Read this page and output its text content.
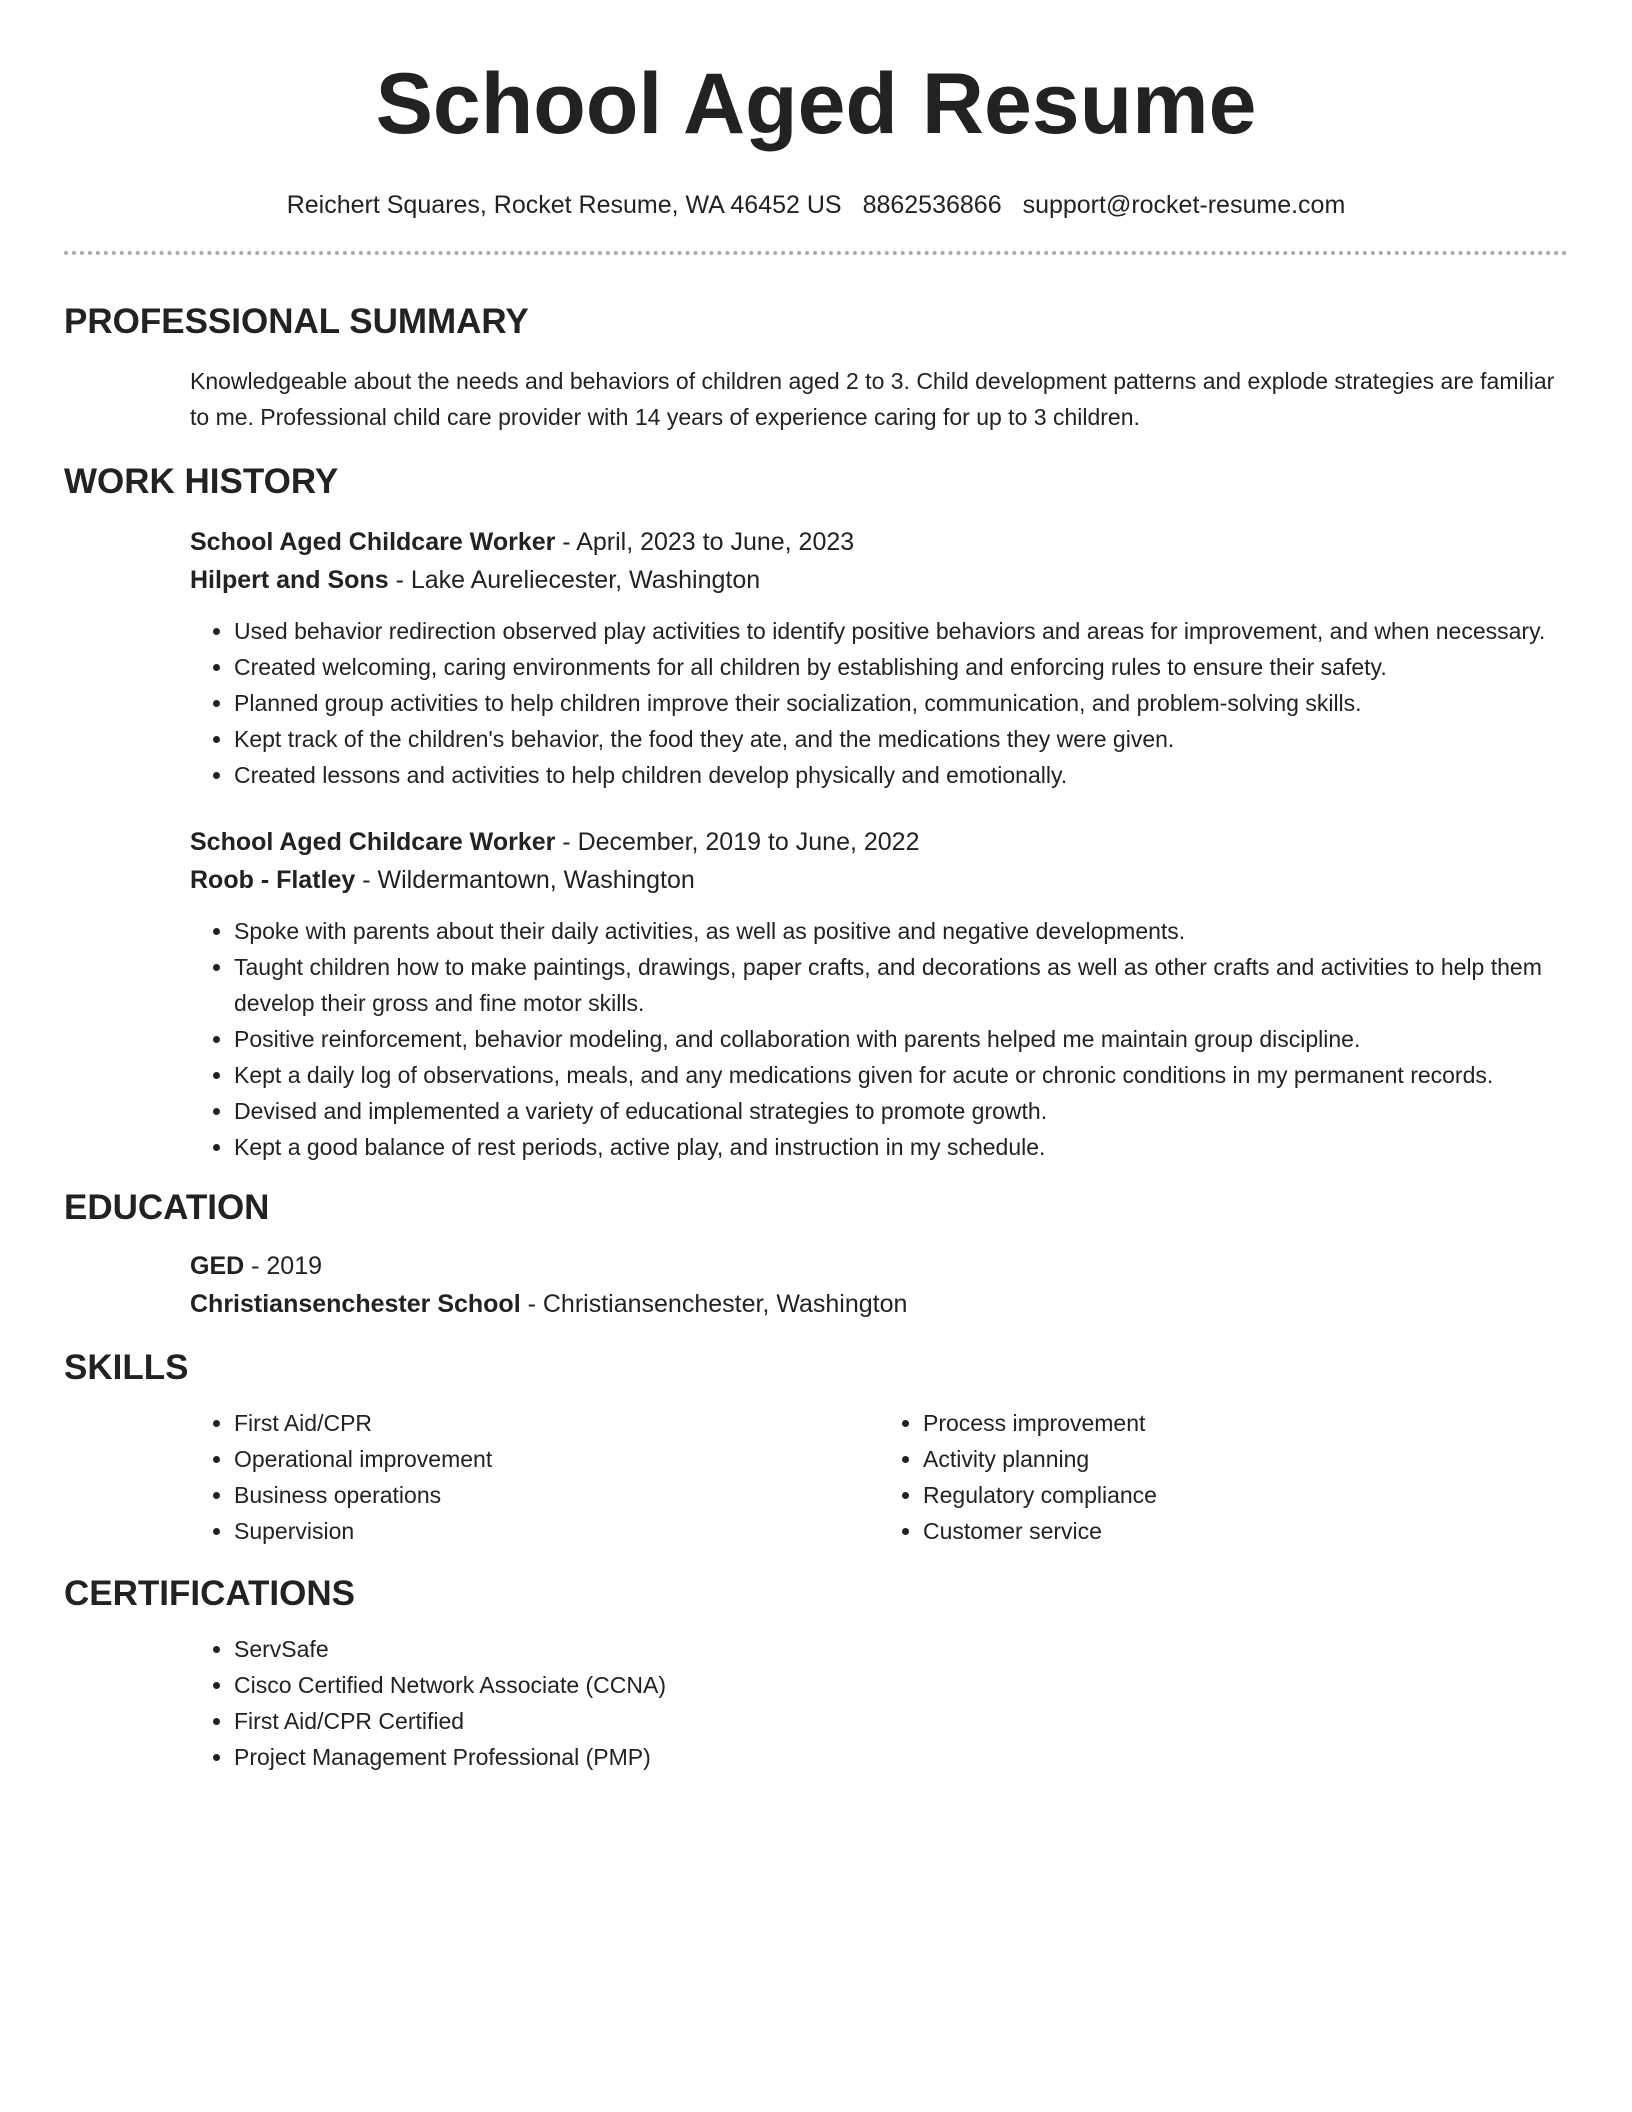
School Aged Resume
Reichert Squares, Rocket Resume, WA 46452 US 8862536866 support@rocket-resume.com
PROFESSIONAL SUMMARY

Knowledgeable about the needs and behaviors of children aged 2 to 3. Child development patterns and explode strategies are familiar to me. Professional child care provider with 14 years of experience caring for up to 3 children.

WORK HISTORY
School Aged Childcare Worker - April, 2023 to June, 2023
Hilpert and Sons - Lake Aureliecester, Washington
• Used behavior redirection observed play activities to identify positive behaviors and areas for improvement, and when necessary.
• Created welcoming, caring environments for all children by establishing and enforcing rules to ensure their safety.
• Planned group activities to help children improve their socialization, communication, and problem-solving skills.
• Kept track of the children's behavior, the food they ate, and the medications they were given.
• Created lessons and activities to help children develop physically and emotionally.
School Aged Childcare Worker - December, 2019 to June, 2022
Roob - Flatley - Wildermantown, Washington
• Spoke with parents about their daily activities, as well as positive and negative developments.
• Taught children how to make paintings, drawings, paper crafts, and decorations as well as other crafts and activities to help them develop their gross and fine motor skills.
• Positive reinforcement, behavior modeling, and collaboration with parents helped me maintain group discipline.
• Kept a daily log of observations, meals, and any medications given for acute or chronic conditions in my permanent records.
• Devised and implemented a variety of educational strategies to promote growth.
• Kept a good balance of rest periods, active play, and instruction in my schedule.
EDUCATION
GED - 2019
Christiansenchester School - Christiansenchester, Washington
SKILLS
• First Aid/CPR
• Operational improvement
• Business operations
• Supervision
• Process improvement
• Activity planning
• Regulatory compliance
• Customer service
CERTIFICATIONS
• ServSafe
• Cisco Certified Network Associate (CCNA)
• First Aid/CPR Certified
• Project Management Professional (PMP)
